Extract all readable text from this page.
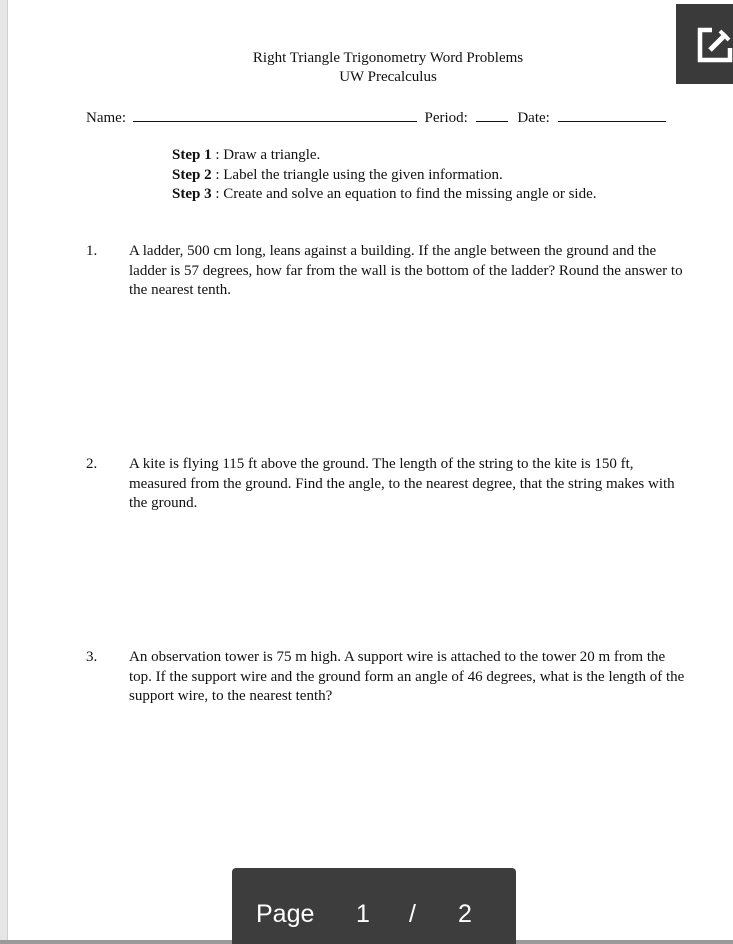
Right Triangle Trigonometry Word Problems
UW Precalculus
Name:	Period:	Date:
Step 1 : Draw a triangle.
Step 2 : Label the triangle using the given information.
Step 3 : Create and solve an equation to find the missing angle or side.
1. A ladder, 500 cm long, leans against a building. If the angle between the ground and the ladder is 57 degrees, how far from the wall is the bottom of the ladder? Round the answer to the nearest tenth.
2. A kite is flying 115 ft above the ground. The length of the string to the kite is 150 ft, measured from the ground. Find the angle, to the nearest degree, that the string makes with the ground.
3. An observation tower is 75 m high. A support wire is attached to the tower 20 m from the top. If the support wire and the ground form an angle of 46 degrees, what is the length of the support wire, to the nearest tenth?
Page 1 / 2
